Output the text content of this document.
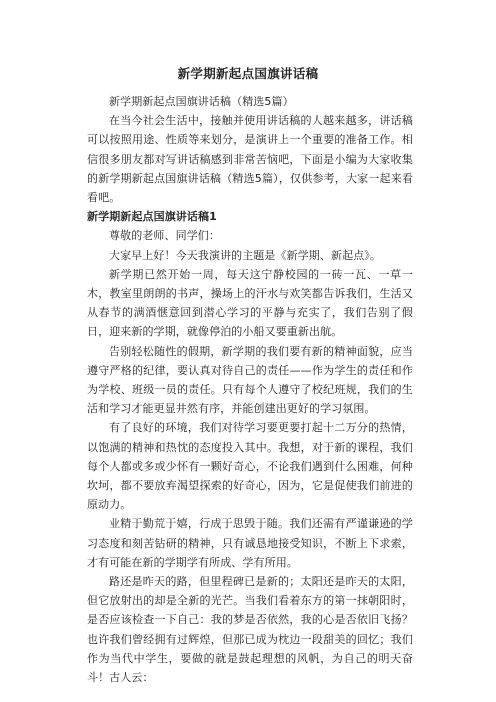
新学期新起点国旗讲话稿

新学期新起点国旗讲话稿（精选5篇）

在当今社会生活中，接触并使用讲话稿的人越来越多，讲话稿可以按照用途、性质等来划分，是演讲上一个重要的准备工作。相信很多朋友都对写讲话稿感到非常苦恼吧，下面是小编为大家收集的新学期新起点国旗讲话稿（精选5篇），仅供参考，大家一起来看看吧。

新学期新起点国旗讲话稿1

尊敬的老师、同学们：

大家早上好！今天我演讲的主题是《新学期、新起点》。

新学期已然开始一周，每天这宁静校园的一砖一瓦、一草一木，教室里朗朗的书声，操场上的汗水与欢笑都告诉我们，生活又从春节的满酒惬意回到潜心学习的平静与充实了，我们告别了假日，迎来新的学期，就像停泊的小船又要重新出航。

告别轻松随性的假期，新学期的我们要有新的精神面貌，应当遵守严格的纪律，要认真对待自己的责任——作为学生的责任和作为学校、班级一员的责任。只有每个人遵守了校纪班规，我们的生活和学习才能更显井然有序，并能创建出更好的学习氛围。

有了良好的环境，我们对待学习要更要打起十二万分的热情，以饱满的精神和热忱的态度投入其中。我想，对于新的课程，我们每个人都或多或少怀有一颗好奇心，不论我们遇到什么困难，何种坎坷，都不要放弃渴望探索的好奇心，因为，它是促使我们前进的原动力。

业精于勤荒于嬉，行成于思毁于随。我们还需有严谨谦逊的学习态度和刻苦钻研的精神，只有诚恳地接受知识，不断上下求索，才有可能在新的学期学有所成、学有所用。

路还是昨天的路，但里程碑已是新的；太阳还是昨天的太阳，但它放射出的却是全新的光芒。当我们看着东方的第一抹朝阳时，是否应该检查一下自己：我的梦是否依然，我的心是否依旧飞扬？也许我们曾经拥有过辉煌，但那已成为枕边一段甜美的回忆；我们作为当代中学生，要做的就是鼓起理想的风帆，为自己的明天奋斗！古人云：
